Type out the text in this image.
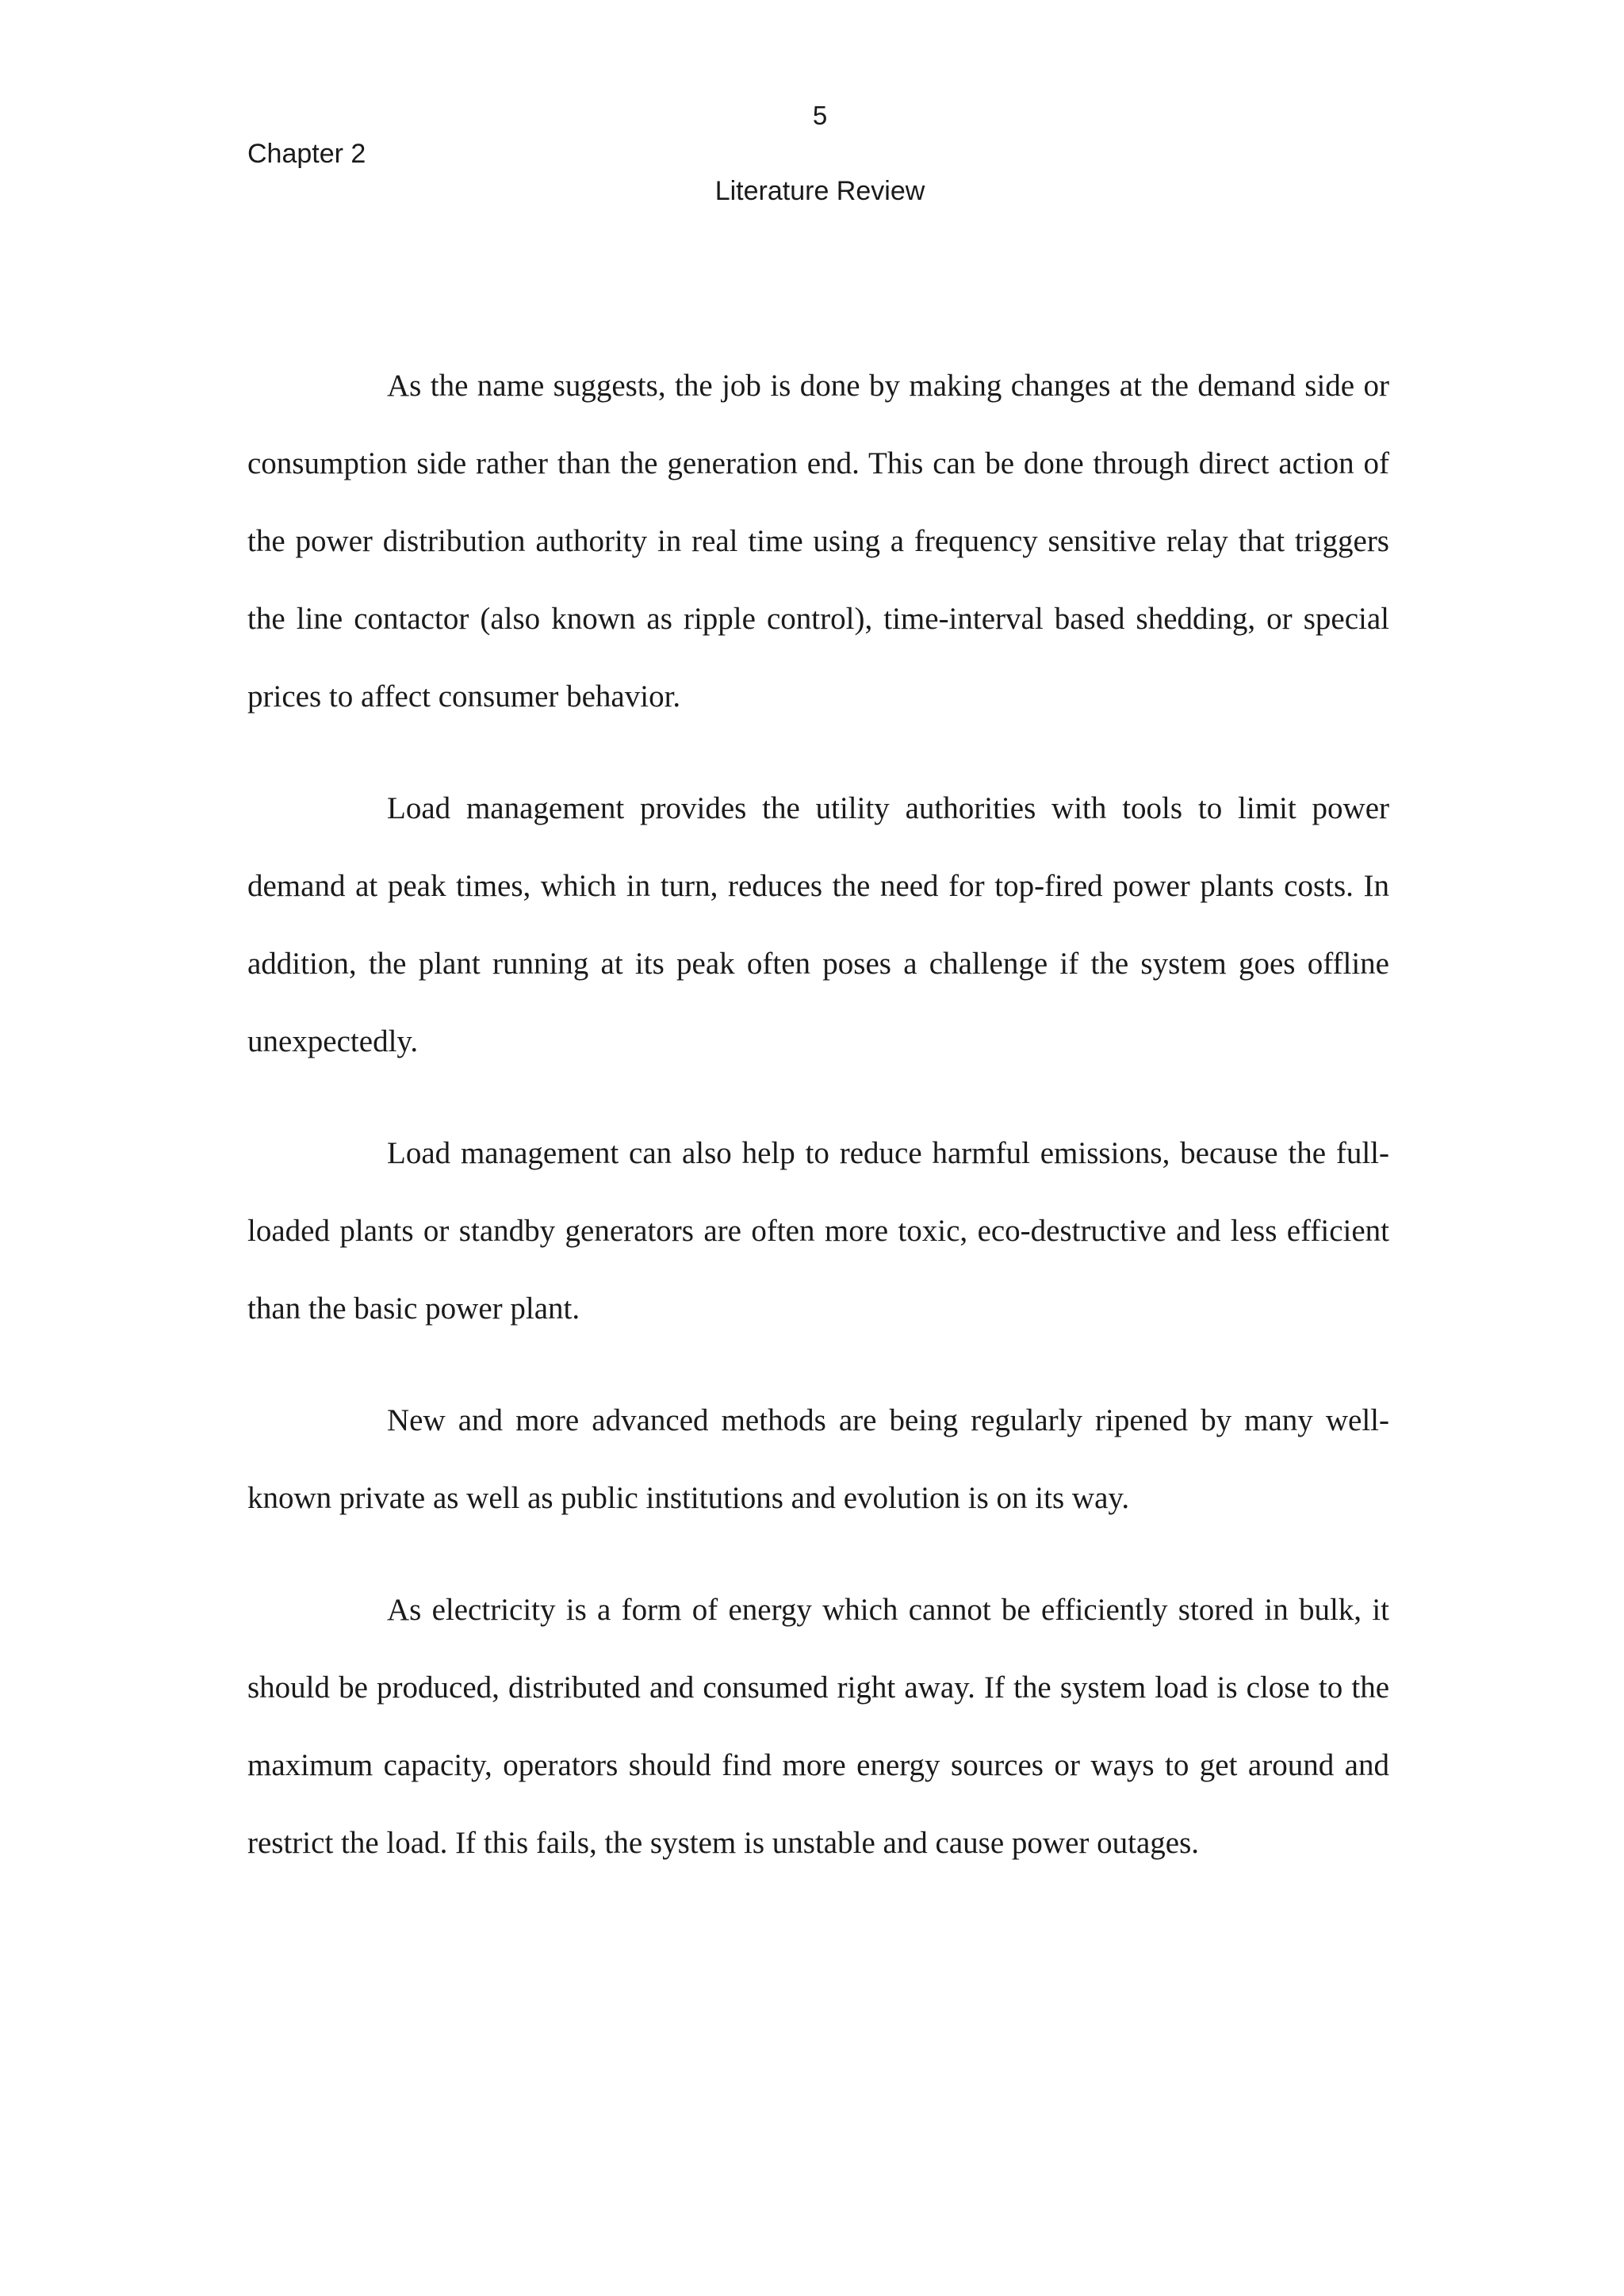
5
Chapter 2
Literature Review

As the name suggests, the job is done by making changes at the demand side or consumption side rather than the generation end. This can be done through direct action of the power distribution authority in real time using a frequency sensitive relay that triggers the line contactor (also known as ripple control), time-interval based shedding, or special prices to affect consumer behavior.

Load management provides the utility authorities with tools to limit power demand at peak times, which in turn, reduces the need for top-fired power plants costs. In addition, the plant running at its peak often poses a challenge if the system goes offline unexpectedly.

Load management can also help to reduce harmful emissions, because the full-loaded plants or standby generators are often more toxic, eco-destructive and less efficient than the basic power plant.

New and more advanced methods are being regularly ripened by many well-known private as well as public institutions and evolution is on its way.

As electricity is a form of energy which cannot be efficiently stored in bulk, it should be produced, distributed and consumed right away. If the system load is close to the maximum capacity, operators should find more energy sources or ways to get around and restrict the load. If this fails, the system is unstable and cause power outages.
